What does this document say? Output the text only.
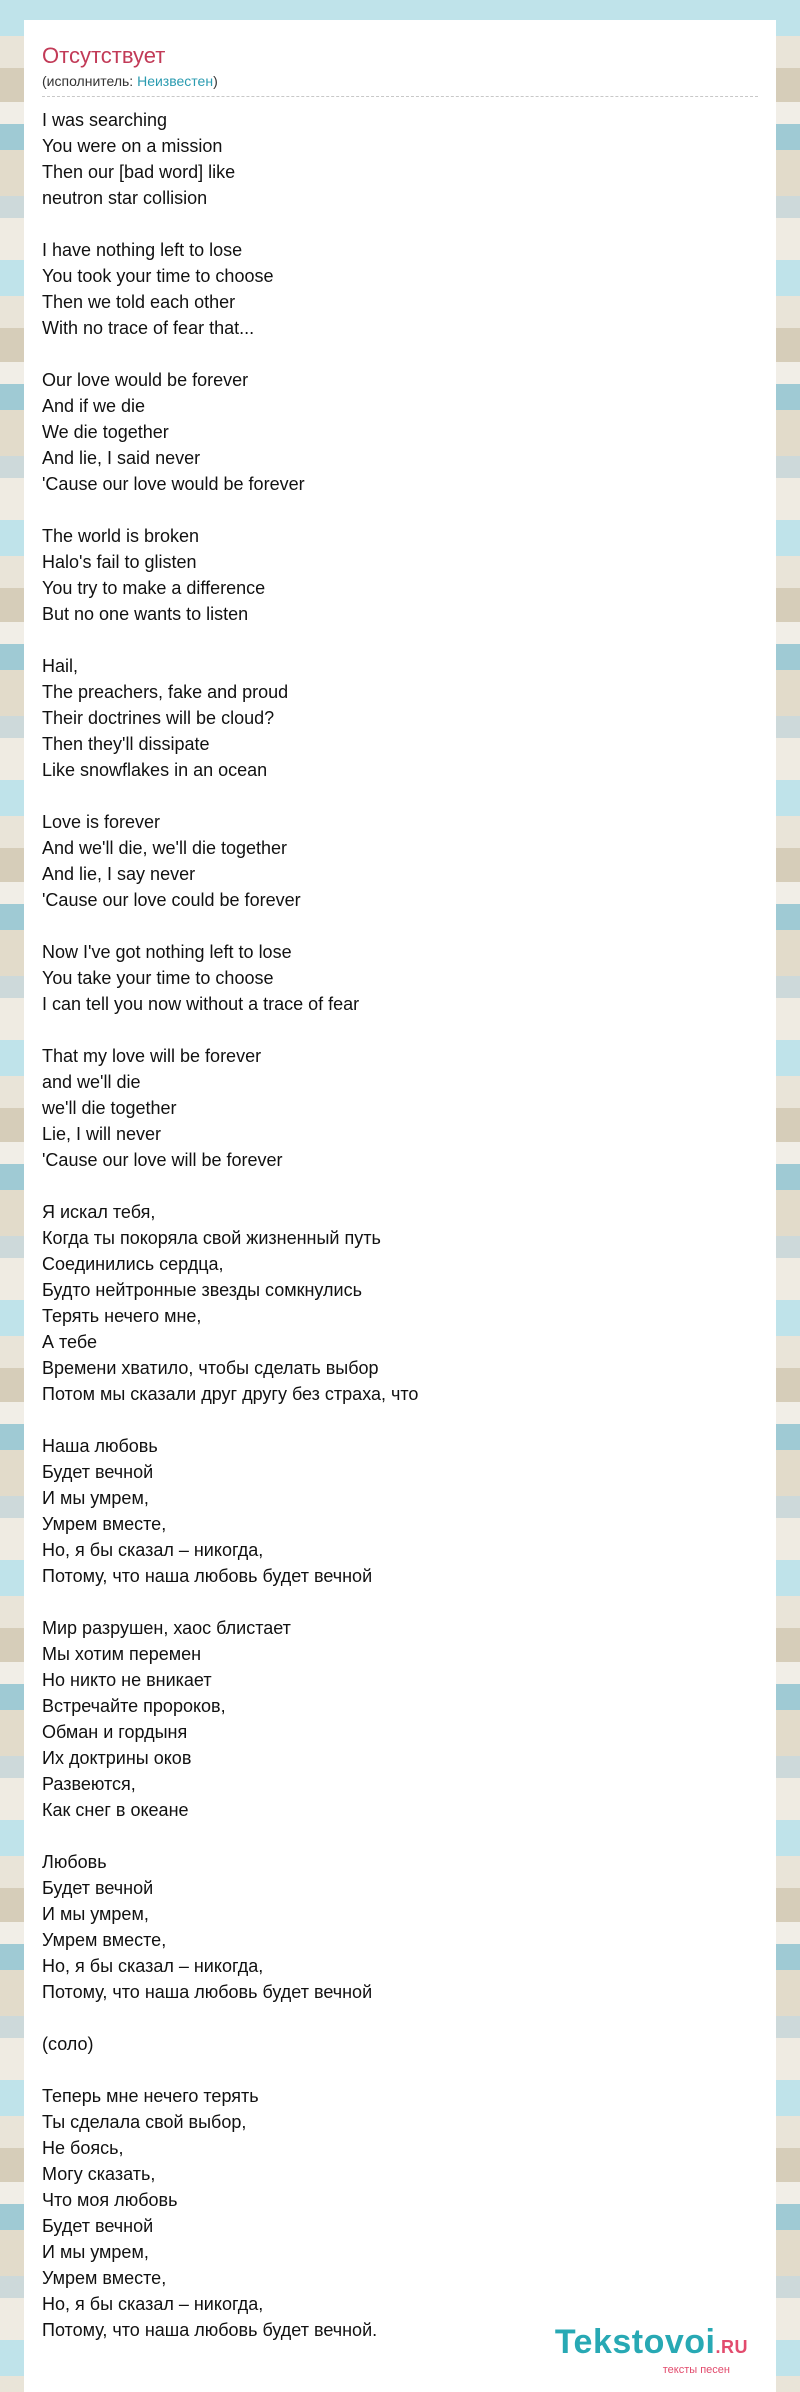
Отсутствует
(исполнитель: Неизвестен)
I was searching
You were on a mission
Then our [bad word] like
neutron star collision
I have nothing left to lose
You took your time to choose
Then we told each other
With no trace of fear that...
Our love would be forever
And if we die
We die together
And lie, I said never
'Cause our love would be forever
The world is broken
Halo's fail to glisten
You try to make a difference
But no one wants to listen
Hail,
The preachers, fake and proud
Their doctrines will be cloud?
Then they'll dissipate
Like snowflakes in an ocean
Love is forever
And we'll die, we'll die together
And lie, I say never
'Cause our love could be forever
Now I've got nothing left to lose
You take your time to choose
I can tell you now without a trace of fear
That my love will be forever
and we'll die
we'll die together
Lie, I will never
'Cause our love will be forever
Я искал тебя,
Когда ты покоряла свой жизненный путь
Соединились сердца,
Будто нейтронные звезды сомкнулись
Терять нечего мне,
А тебе
Времени хватило, чтобы сделать выбор
Потом мы сказали друг другу без страха, что
Наша любовь
Будет вечной
И мы умрем,
Умрем вместе,
Но, я бы сказал – никогда,
Потому, что наша любовь будет вечной
Мир разрушен, хаос блистает
Мы хотим перемен
Но никто не вникает
Встречайте пророков,
Обман и гордыня
Их доктрины оков
Развеются,
Как снег в океане
Любовь
Будет вечной
И мы умрем,
Умрем вместе,
Но, я бы сказал – никогда,
Потому, что наша любовь будет вечной
(соло)
Теперь мне нечего терять
Ты сделала свой выбор,
Не боясь,
Могу сказать,
Что моя любовь
Будет вечной
И мы умрем,
Умрем вместе,
Но, я бы сказал – никогда,
Потому, что наша любовь будет вечной.	Tekstovoi.RU
тексты песен
